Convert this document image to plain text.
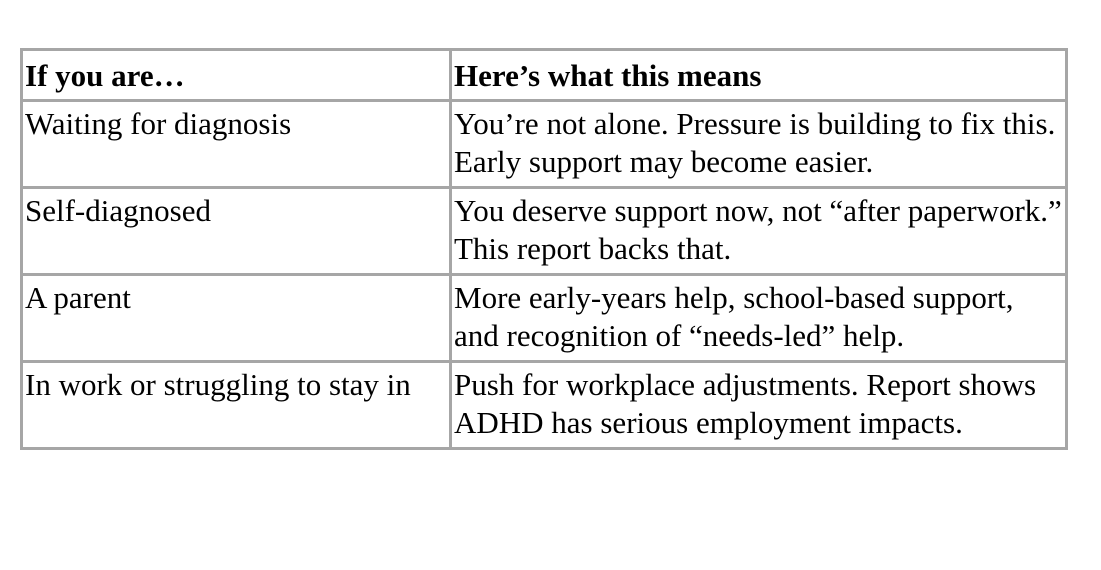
If you are…	Here’s what this means
Waiting for diagnosis	You’re not alone. Pressure is building to fix this. Early support may become easier.
Self-diagnosed	You deserve support now, not “after paperwork.” This report backs that.
A parent	More early-years help, school-based support, and recognition of “needs-led” help.
In work or struggling to stay in	Push for workplace adjustments. Report shows ADHD has serious employment impacts.
